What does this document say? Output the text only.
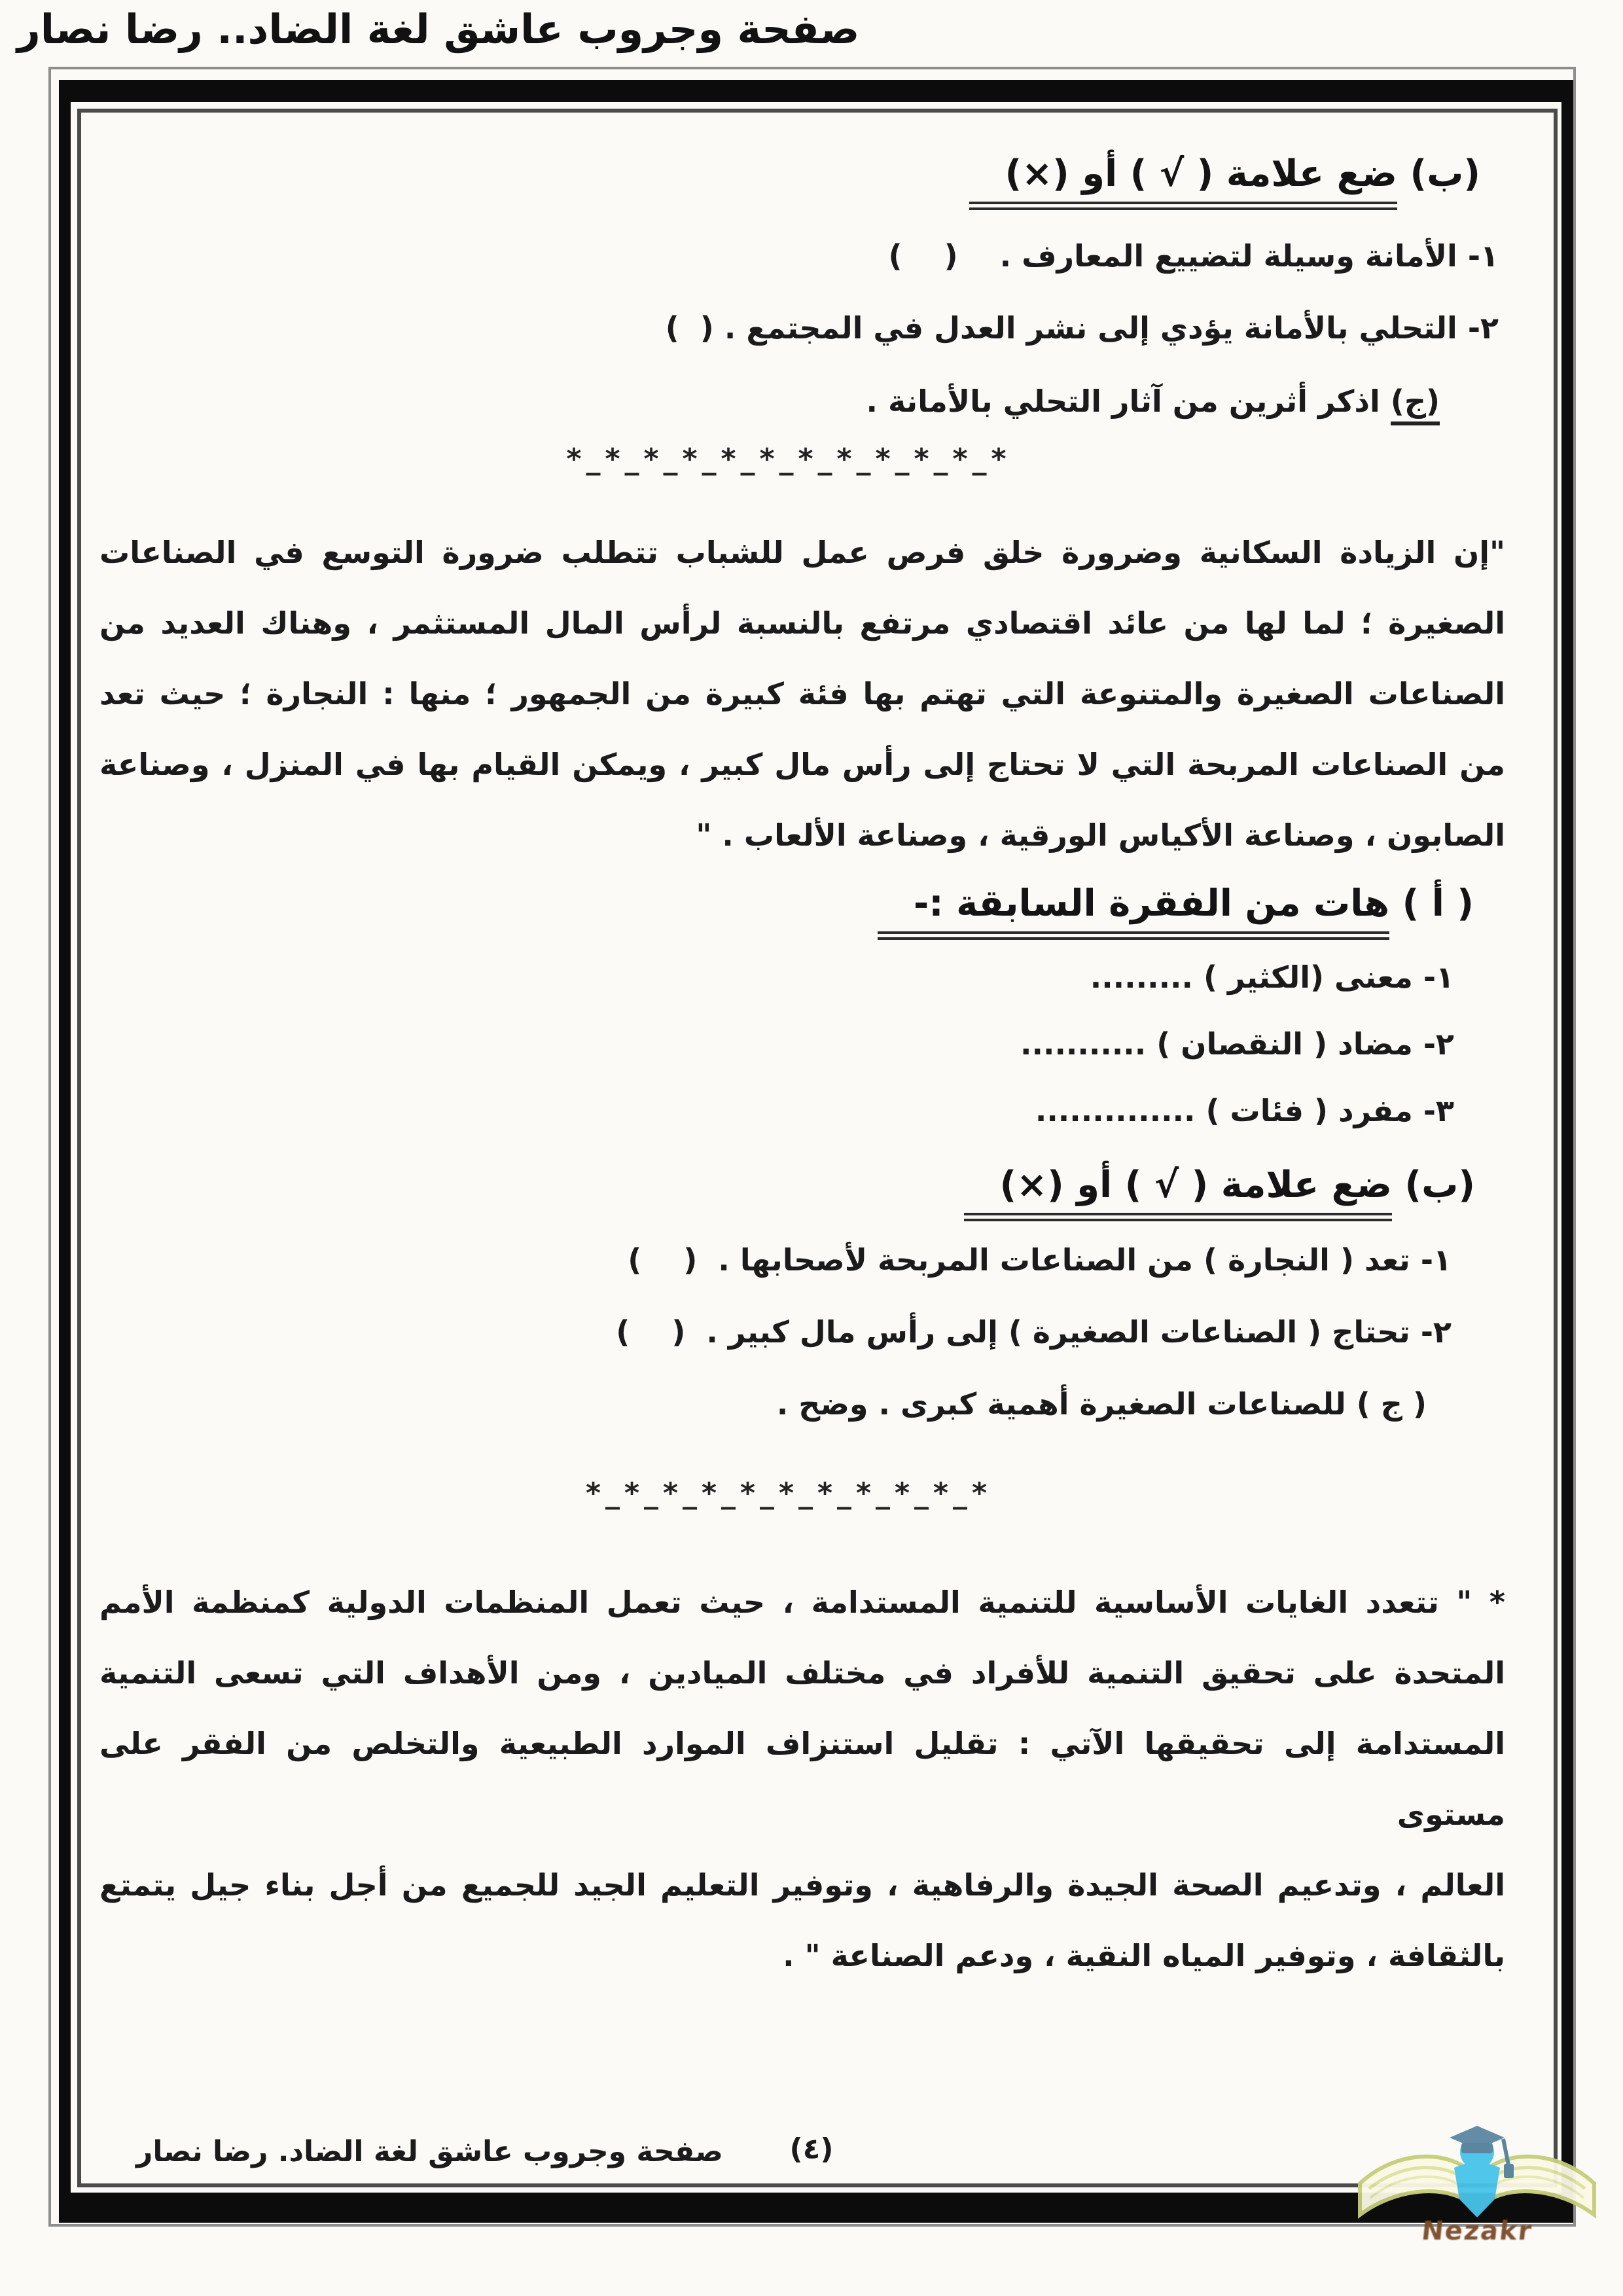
صفحة وجروب عاشق لغة الضاد.. رضا نصار
(ب) ضع علامة ( √ ) أو (×)
١- الأمانة وسيلة لتضييع المعارف .    (    )
٢- التحلي بالأمانة يؤدي إلى نشر العدل في المجتمع . (  )
(ج) اذكر أثرين من آثار التحلي بالأمانة .
*_*_*_*_*_*_*_*_*_*_*_*
"إن الزيادة السكانية وضرورة خلق فرص عمل للشباب تتطلب ضرورة التوسع في الصناعات
الصغيرة ؛ لما لها من عائد اقتصادي مرتفع بالنسبة لرأس المال المستثمر ، وهناك العديد من
الصناعات الصغيرة والمتنوعة التي تهتم بها فئة كبيرة من الجمهور ؛ منها : النجارة ؛ حيث تعد
من الصناعات المربحة التي لا تحتاج إلى رأس مال كبير ، ويمكن القيام بها في المنزل ، وصناعة
الصابون ، وصناعة الأكياس الورقية ، وصناعة الألعاب . "
( أ ) هات من الفقرة السابقة :-
١- معنى (الكثير ) .........
٢- مضاد ( النقصان ) ...........
٣- مفرد ( فئات ) ..............
(ب) ضع علامة ( √ ) أو (×)
١- تعد ( النجارة ) من الصناعات المربحة لأصحابها .  (    )
٢- تحتاج ( الصناعات الصغيرة ) إلى رأس مال كبير .  (    )
( ج ) للصناعات الصغيرة أهمية كبرى . وضح .
*_*_*_*_*_*_*_*_*_*_*
* " تتعدد الغايات الأساسية للتنمية المستدامة ، حيث تعمل المنظمات الدولية كمنظمة الأمم
المتحدة على تحقيق التنمية للأفراد في مختلف الميادين ، ومن الأهداف التي تسعى التنمية
المستدامة إلى تحقيقها الآتي : تقليل استنزاف الموارد الطبيعية والتخلص من الفقر على مستوى
العالم ، وتدعيم الصحة الجيدة والرفاهية ، وتوفير التعليم الجيد للجميع من أجل بناء جيل يتمتع
بالثقافة ، وتوفير المياه النقية ، ودعم الصناعة " .
صفحة وجروب عاشق لغة الضاد. رضا نصار	(٤)
Nezakr
